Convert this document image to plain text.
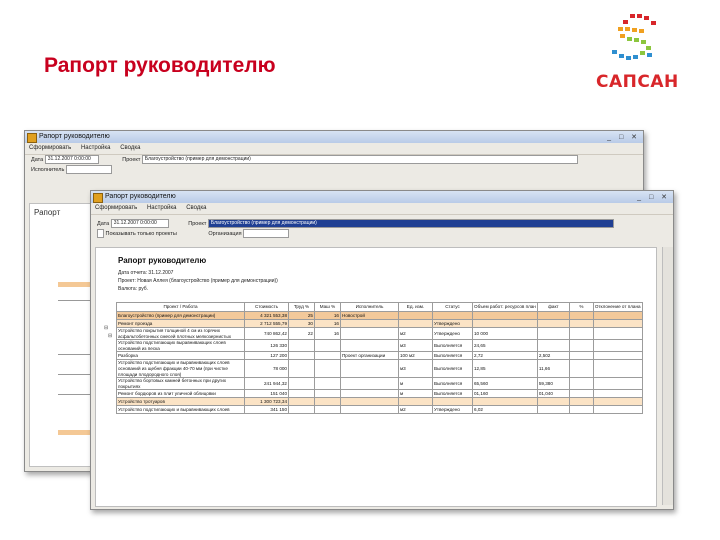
Рапорт руководителю
САПСАН
Рапорт руководителю	_ □ ✕
Сформировать Настройка Сводка
Дата 31.12.2007 0:00:00	Проект Благоустройство (пример для демонстрации)
Исполнитель
Рапорт
Рапорт руководителю	_ □ ✕
Сформировать Настройка Сводка
Дата 31.12.2007 0:00:00	Проект Благоустройство (пример для демонстрации)
Показывать только проекты	Организация
Рапорт руководителю
Дата отчета: 31.12.2007
Проект: Новая Аллея (благоустройство (пример для демонстрации))
Валюта: руб.
⊟
⊟
Проект / Работа	Стоимость	Труд %	Маш %	Исполнитель	Ед. изм.	Статус	Объем работ: ресурсов план	факт	%	Отклонение от плана
Благоустройство (пример для демонстрации)	4 321 553,38	25	16	Новострой						
Ремонт проезда	2 712 555,79	30	16			Утверждено				
Устройство покрытия толщиной 4 см из горячих асфальтобетонных смесей плотных мелкозернистых	740 862,42	22	16		м2	Утверждено	10 000			
Устройство подстилающих выравнивающих слоев оснований из песка	126 330				м3	Выполняется	24,65			
Разборка	127 200			Проект организации	100 м2	Выполняется	2,72	2,502		
Устройство подстилающих и выравнивающих слоев оснований из щебня фракции 40-70 мм (при чистке площади плодородного слоя)	78 000				м3	Выполняется	12,85	11,66		
Устройство бортовых камней бетонных при других покрытиях	241 944,32				м	Выполняется	65,560	59,380		
Ремонт бордюров из плит уличной облицовки	151 040				м	Выполняется	01,160	01,040		
Устройство тротуаров	1 300 723,34									
Устройство подстилающих и выравнивающих слоев	341 150				м2	Утверждено	6,02			
